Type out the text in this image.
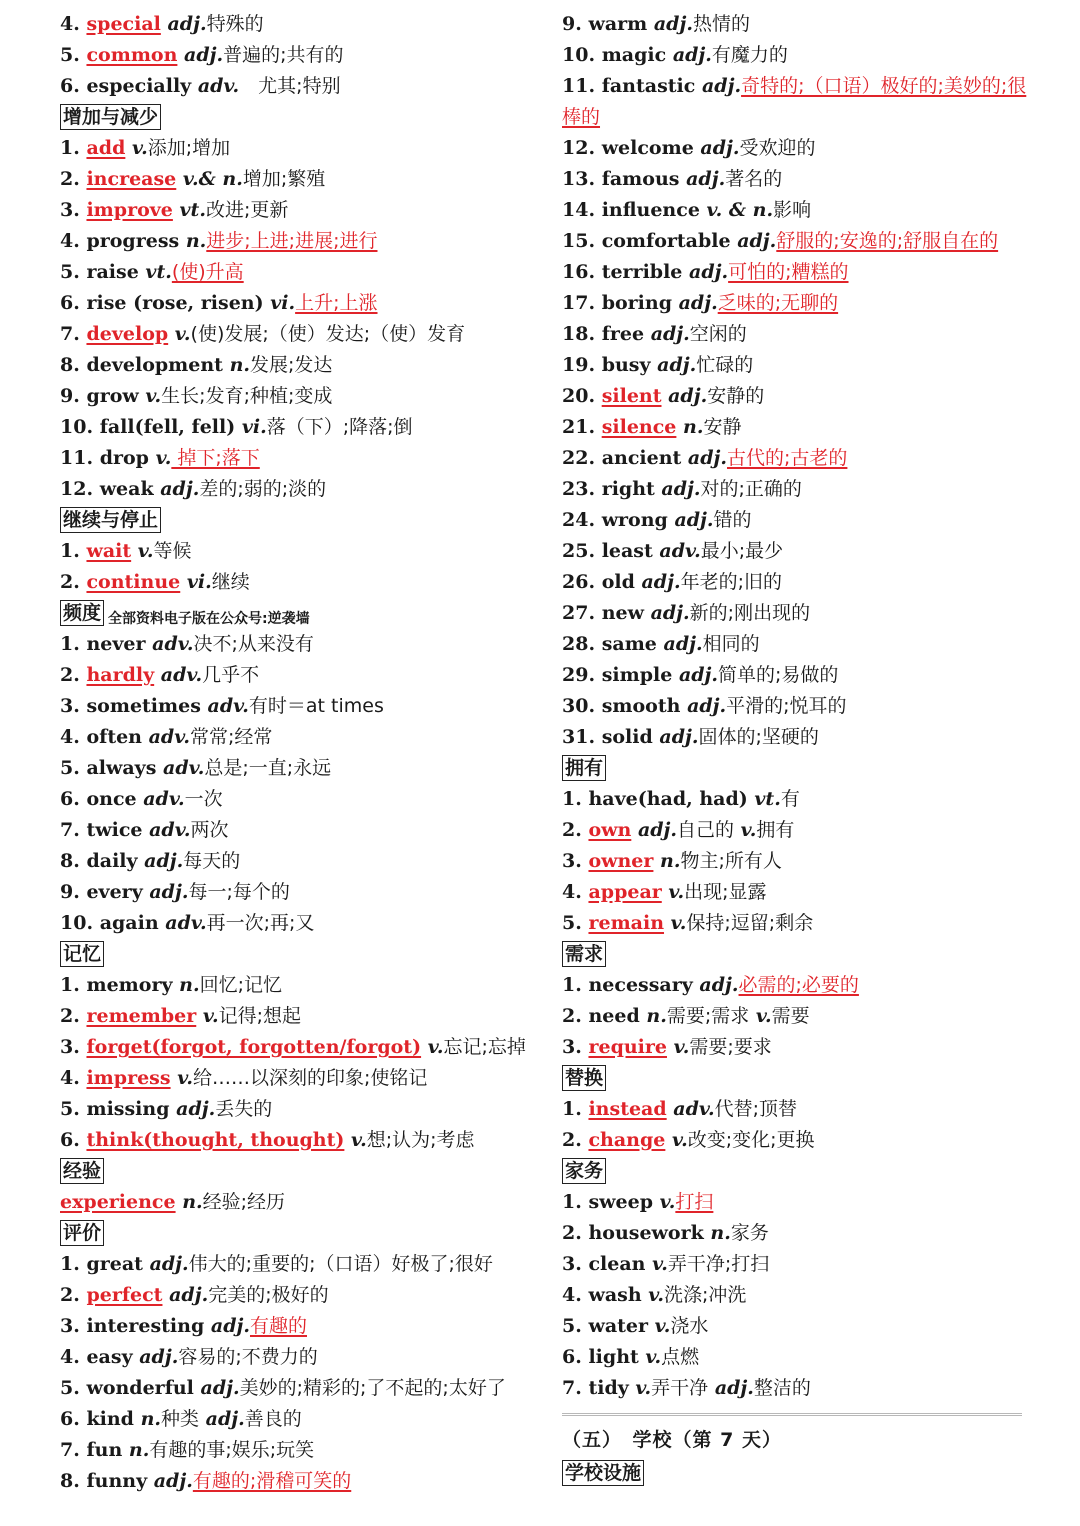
4. special adj.特殊的
5. common adj.普遍的;共有的
6. especially adv.　尤其;特别
增加与减少
1. add v.添加;增加
2. increase v.& n.增加;繁殖
3. improve vt.改进;更新
4. progress n.进步;上进;进展;进行
5. raise vt.(使)升高
6. rise (rose, risen) vi.上升;上涨
7. develop v.(使)发展;（使）发达;（使）发育
8. development n.发展;发达
9. grow v.生长;发育;种植;变成
10. fall(fell, fell) vi.落（下）;降落;倒
11. drop v. 掉下;落下
12. weak adj.差的;弱的;淡的
继续与停止
1. wait v.等候
2. continue vi.继续
频度 全部资料电子版在公众号:逆袭墙
1. never adv.决不;从来没有
2. hardly adv.几乎不
3. sometimes adv.有时＝at times
4. often adv.常常;经常
5. always adv.总是;一直;永远
6. once adv.一次
7. twice adv.两次
8. daily adj.每天的
9. every adj.每一;每个的
10. again adv.再一次;再;又
记忆
1. memory n.回忆;记忆
2. remember v.记得;想起
3. forget(forgot, forgotten/forgot) v.忘记;忘掉
4. impress v.给……以深刻的印象;使铭记
5. missing adj.丢失的
6. think(thought, thought) v.想;认为;考虑
经验
experience n.经验;经历
评价
1. great adj.伟大的;重要的;（口语）好极了;很好
2. perfect adj.完美的;极好的
3. interesting adj.有趣的
4. easy adj.容易的;不费力的
5. wonderful adj.美妙的;精彩的;了不起的;太好了
6. kind n.种类 adj.善良的
7. fun n.有趣的事;娱乐;玩笑
8. funny adj.有趣的;滑稽可笑的
9. warm adj.热情的
10. magic adj.有魔力的
11. fantastic adj.奇特的;（口语）极好的;美妙的;很
棒的
12. welcome adj.受欢迎的
13. famous adj.著名的
14. influence v. & n.影响
15. comfortable adj.舒服的;安逸的;舒服自在的
16. terrible adj.可怕的;糟糕的
17. boring adj.乏味的;无聊的
18. free adj.空闲的
19. busy adj.忙碌的
20. silent adj.安静的
21. silence n.安静
22. ancient adj.古代的;古老的
23. right adj.对的;正确的
24. wrong adj.错的
25. least adv.最小;最少
26. old adj.年老的;旧的
27. new adj.新的;刚出现的
28. same adj.相同的
29. simple adj.简单的;易做的
30. smooth adj.平滑的;悦耳的
31. solid adj.固体的;坚硬的
拥有
1. have(had, had) vt.有
2. own adj.自己的 v.拥有
3. owner n.物主;所有人
4. appear v.出现;显露
5. remain v.保持;逗留;剩余
需求
1. necessary adj.必需的;必要的
2. need n.需要;需求 v.需要
3. require v.需要;要求
替换
1. instead adv.代替;顶替
2. change v.改变;变化;更换
家务
1. sweep v.打扫
2. housework n.家务
3. clean v.弄干净;打扫
4. wash v.洗涤;冲洗
5. water v.浇水
6. light v.点燃
7. tidy v.弄干净 adj.整洁的
（五）　学校（第 7 天）
学校设施
